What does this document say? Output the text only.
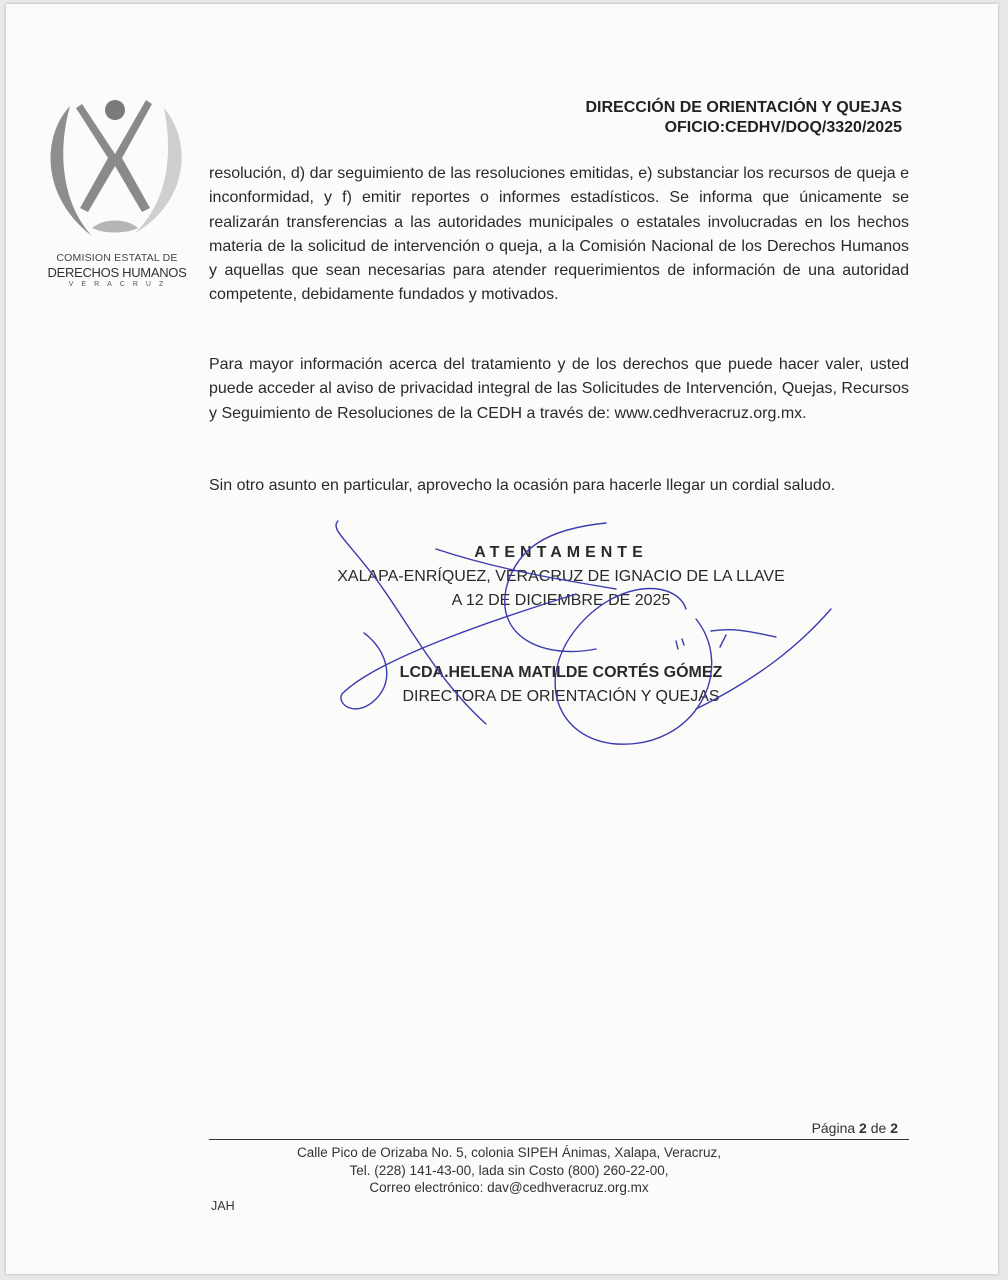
COMISION ESTATAL DE
DERECHOS HUMANOS
VERACRUZ
DIRECCIÓN DE ORIENTACIÓN Y QUEJAS
OFICIO:CEDHV/DOQ/3320/2025

resolución, d) dar seguimiento de las resoluciones emitidas, e) substanciar los recursos de queja e inconformidad, y f) emitir reportes o informes estadísticos. Se informa que únicamente se realizarán transferencias a las autoridades municipales o estatales involucradas en los hechos materia de la solicitud de intervención o queja, a la Comisión Nacional de los Derechos Humanos y aquellas que sean necesarias para atender requerimientos de información de una autoridad competente, debidamente fundados y motivados.

Para mayor información acerca del tratamiento y de los derechos que puede hacer valer, usted puede acceder al aviso de privacidad integral de las Solicitudes de Intervención, Quejas, Recursos y Seguimiento de Resoluciones de la CEDH a través de: www.cedhveracruz.org.mx.

Sin otro asunto en particular, aprovecho la ocasión para hacerle llegar un cordial saludo.

ATENTAMENTE
XALAPA-ENRÍQUEZ, VERACRUZ DE IGNACIO DE LA LLAVE
A 12 DE DICIEMBRE DE 2025
LCDA.HELENA MATILDE CORTÉS GÓMEZ
DIRECTORA DE ORIENTACIÓN Y QUEJAS
Página 2 de 2
Calle Pico de Orizaba No. 5, colonia SIPEH Ánimas, Xalapa, Veracruz,
Tel. (228) 141-43-00, lada sin Costo (800) 260-22-00,
Correo electrónico: dav@cedhveracruz.org.mx
JAH
